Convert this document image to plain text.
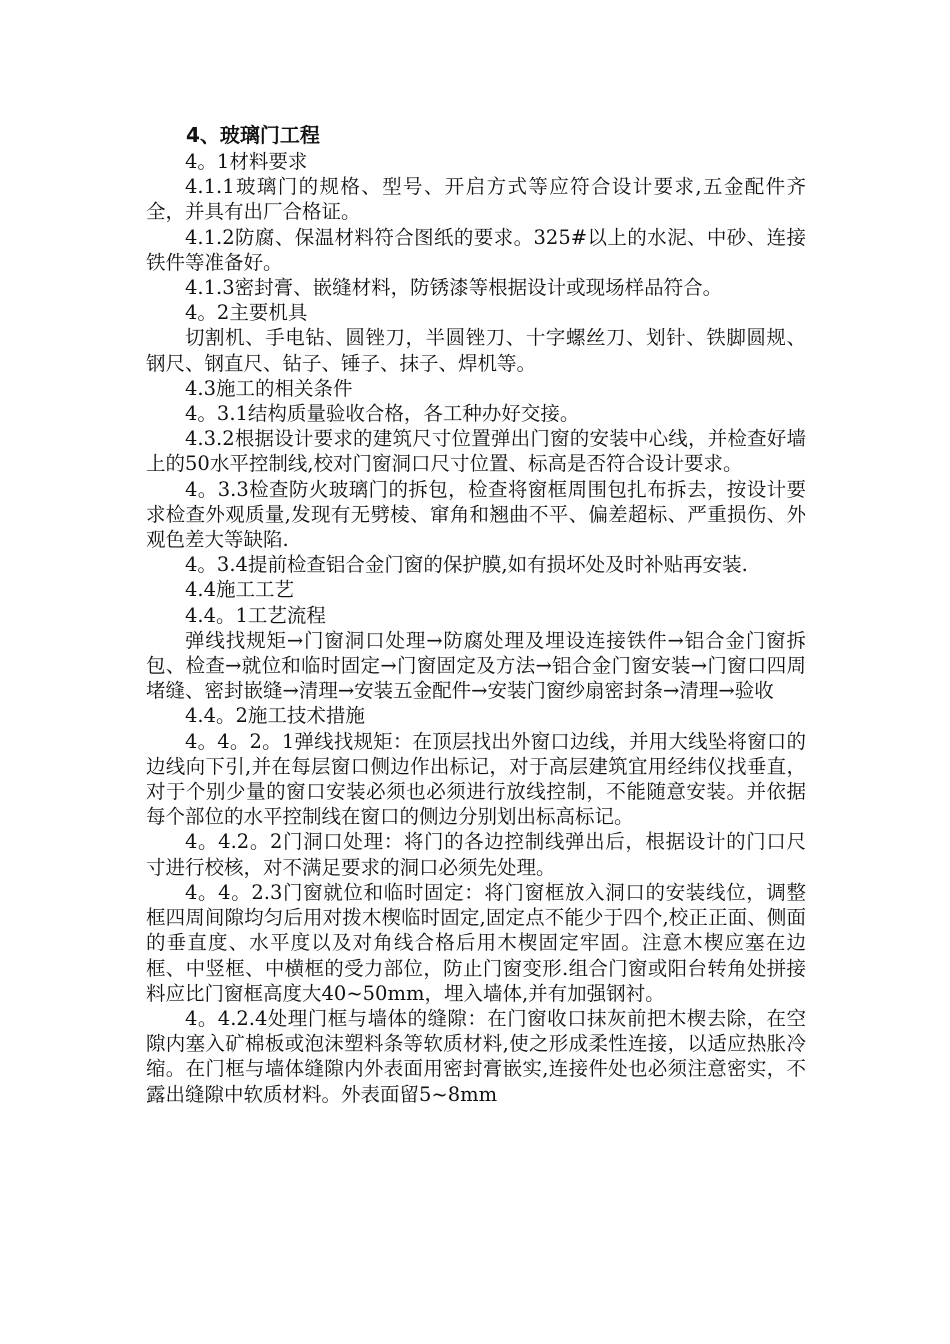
4、玻璃门工程

4。1材料要求

4.1.1玻璃门的规格、型号、开启方式等应符合设计要求,五金配件齐全，并具有出厂合格证。

4.1.2防腐、保温材料符合图纸的要求。325#以上的水泥、中砂、连接铁件等准备好。

4.1.3密封膏、嵌缝材料，防锈漆等根据设计或现场样品符合。

4。2主要机具

切割机、手电钻、圆锉刀，半圆锉刀、十字螺丝刀、划针、铁脚圆规、钢尺、钢直尺、钻子、锤子、抹子、焊机等。

4.3施工的相关条件

4。3.1结构质量验收合格，各工种办好交接。

4.3.2根据设计要求的建筑尺寸位置弹出门窗的安装中心线，并检查好墙上的50水平控制线,校对门窗洞口尺寸位置、标高是否符合设计要求。

4。3.3检查防火玻璃门的拆包，检查将窗框周围包扎布拆去，按设计要求检查外观质量,发现有无劈棱、窜角和翘曲不平、偏差超标、严重损伤、外观色差大等缺陷.

4。3.4提前检查铝合金门窗的保护膜,如有损坏处及时补贴再安装.

4.4施工工艺

4.4。1工艺流程

弹线找规矩→门窗洞口处理→防腐处理及埋设连接铁件→铝合金门窗拆包、检查→就位和临时固定→门窗固定及方法→铝合金门窗安装→门窗口四周堵缝、密封嵌缝→清理→安装五金配件→安装门窗纱扇密封条→清理→验收

4.4。2施工技术措施

4。4。2。1弹线找规矩：在顶层找出外窗口边线，并用大线坠将窗口的边线向下引,并在每层窗口侧边作出标记，对于高层建筑宜用经纬仪找垂直，对于个别少量的窗口安装必须也必须进行放线控制，不能随意安装。并依据每个部位的水平控制线在窗口的侧边分别划出标高标记。

4。4.2。2门洞口处理：将门的各边控制线弹出后，根据设计的门口尺寸进行校核，对不满足要求的洞口必须先处理。

4。4。2.3门窗就位和临时固定：将门窗框放入洞口的安装线位，调整框四周间隙均匀后用对拨木楔临时固定,固定点不能少于四个,校正正面、侧面的垂直度、水平度以及对角线合格后用木楔固定牢固。注意木楔应塞在边框、中竖框、中横框的受力部位，防止门窗变形.组合门窗或阳台转角处拼接料应比门窗框高度大40~50mm，埋入墙体,并有加强钢衬。

4。4.2.4处理门框与墙体的缝隙：在门窗收口抹灰前把木楔去除，在空隙内塞入矿棉板或泡沫塑料条等软质材料,使之形成柔性连接，以适应热胀冷缩。在门框与墙体缝隙内外表面用密封膏嵌实,连接件处也必须注意密实，不露出缝隙中软质材料。外表面留5~8mm
